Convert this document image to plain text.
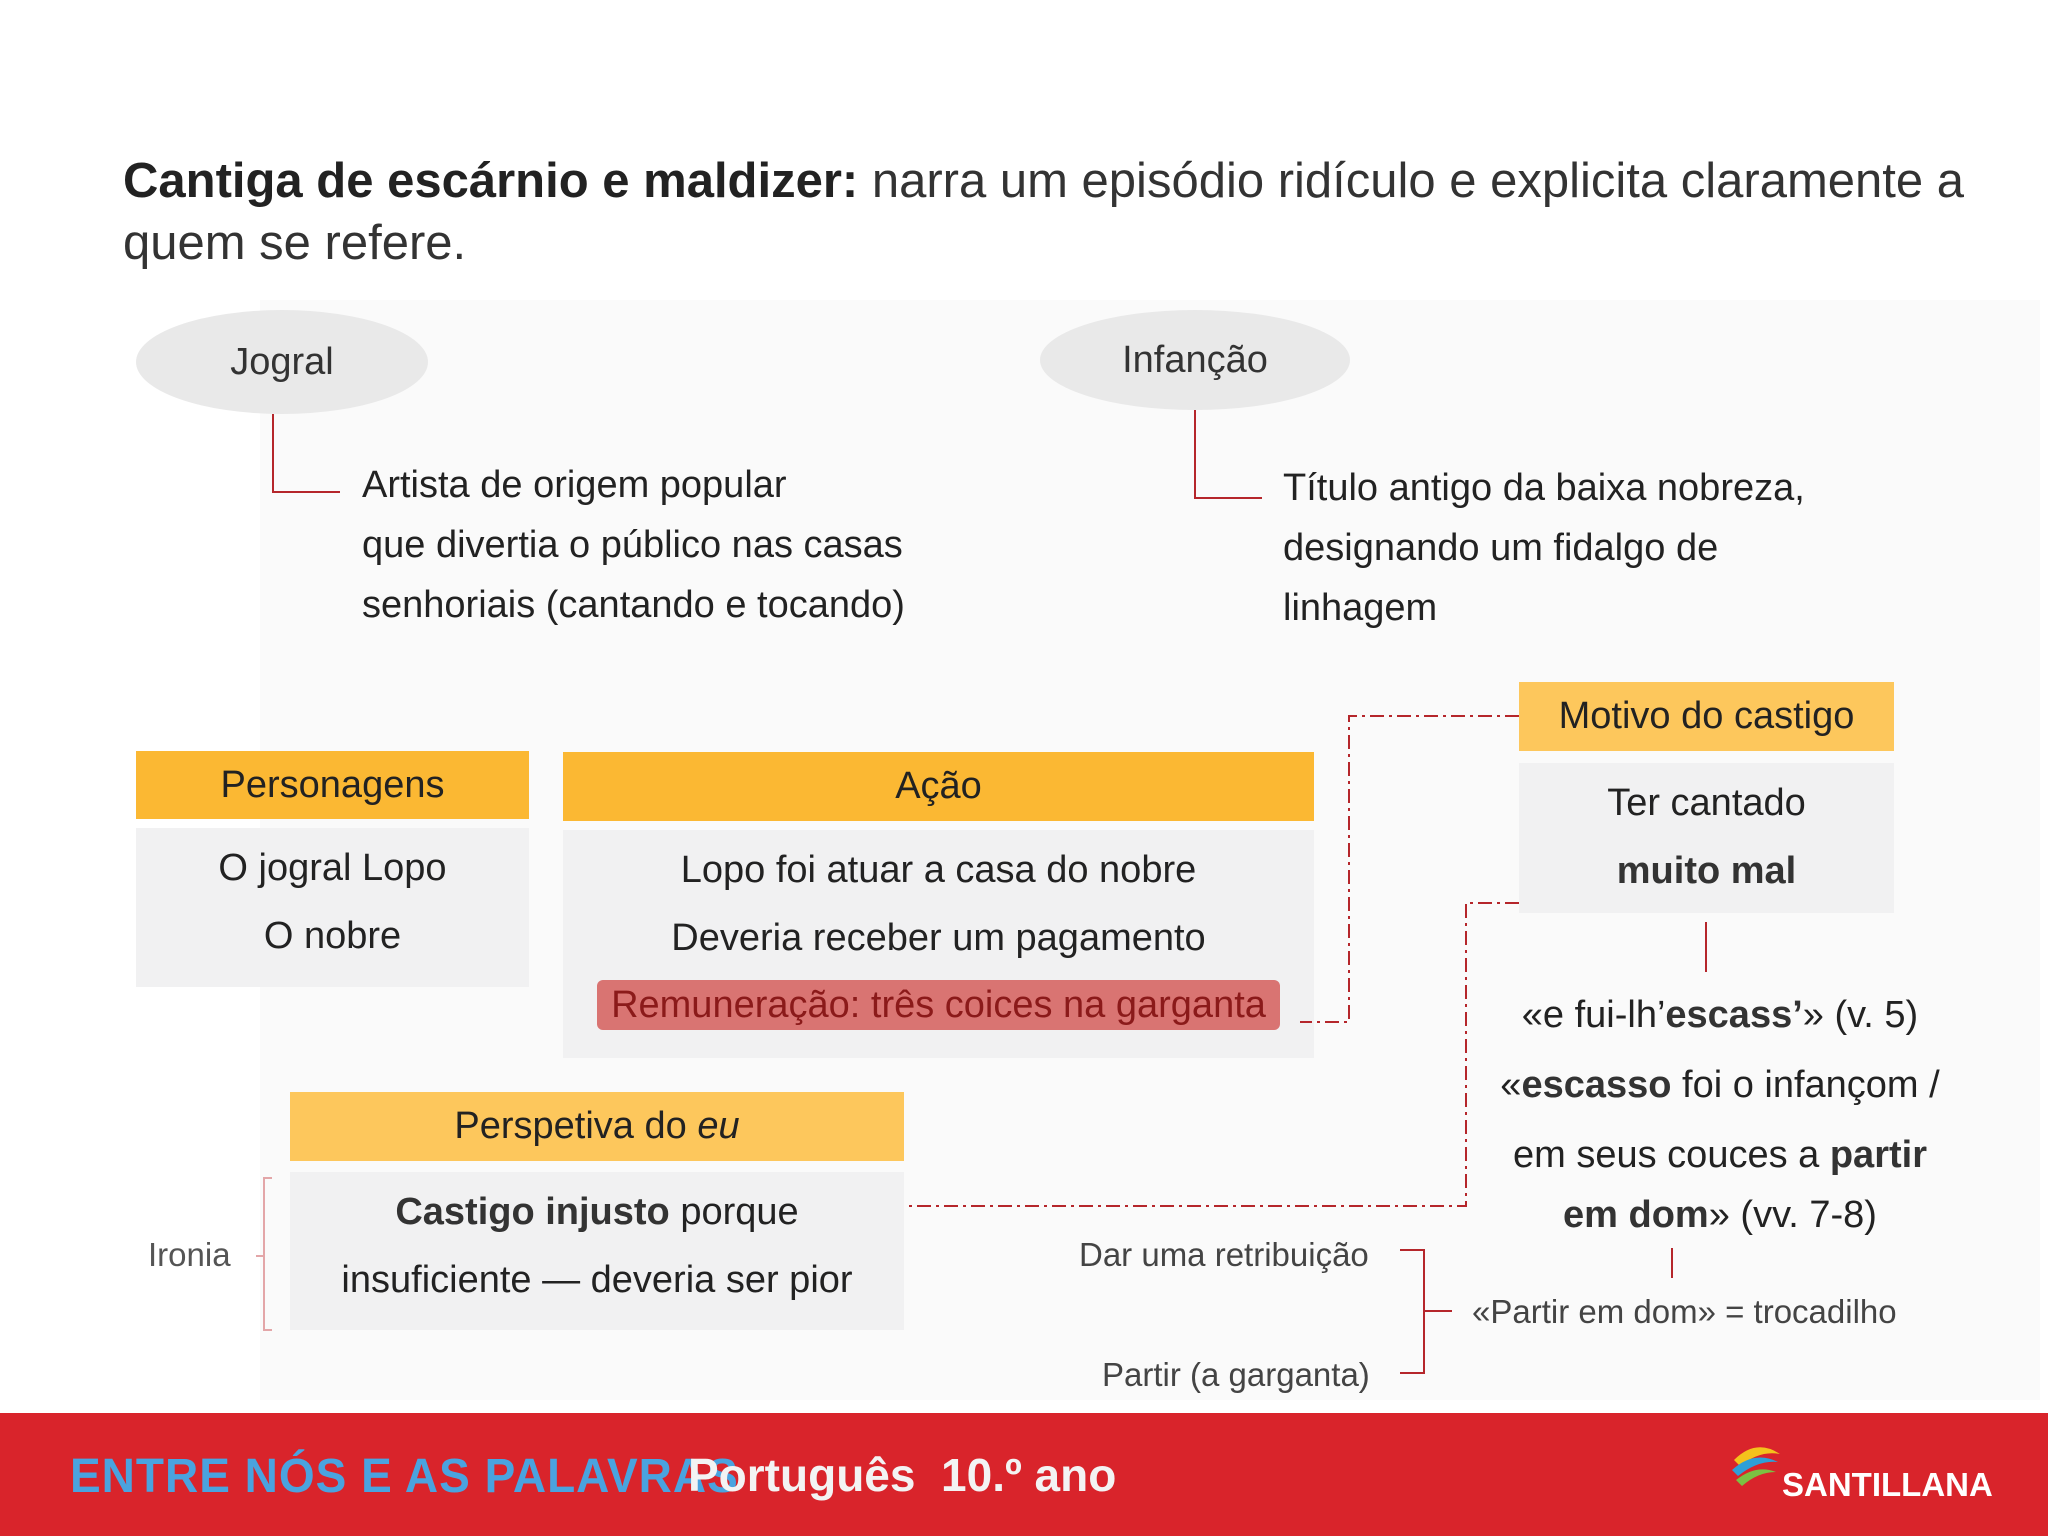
Cantiga de escárnio e maldizer: narra um episódio ridículo e explicita claramente a quem se refere.
Jogral	Infanção
Artista de origem popular
que divertia o público nas casas
senhoriais (cantando e tocando)
Título antigo da baixa nobreza,
designando um fidalgo de
linhagem
Personagens
O jogral Lopo
O nobre
Ação
Lopo foi atuar a casa do nobre
Deveria receber um pagamento
Remuneração: três coices na garganta
Motivo do castigo
Ter cantado
muito mal
Perspetiva do eu
Castigo injusto porque
insuficiente — deveria ser pior
Ironia
«e fui-lh’escass’» (v. 5)
«escasso foi o infançom /
em seus couces a partir
em dom» (vv. 7-8)
Dar uma retribuição
Partir (a garganta)
«Partir em dom» = trocadilho
ENTRE NÓS E AS PALAVRAS
Português  10.º ano	SANTILLANA
